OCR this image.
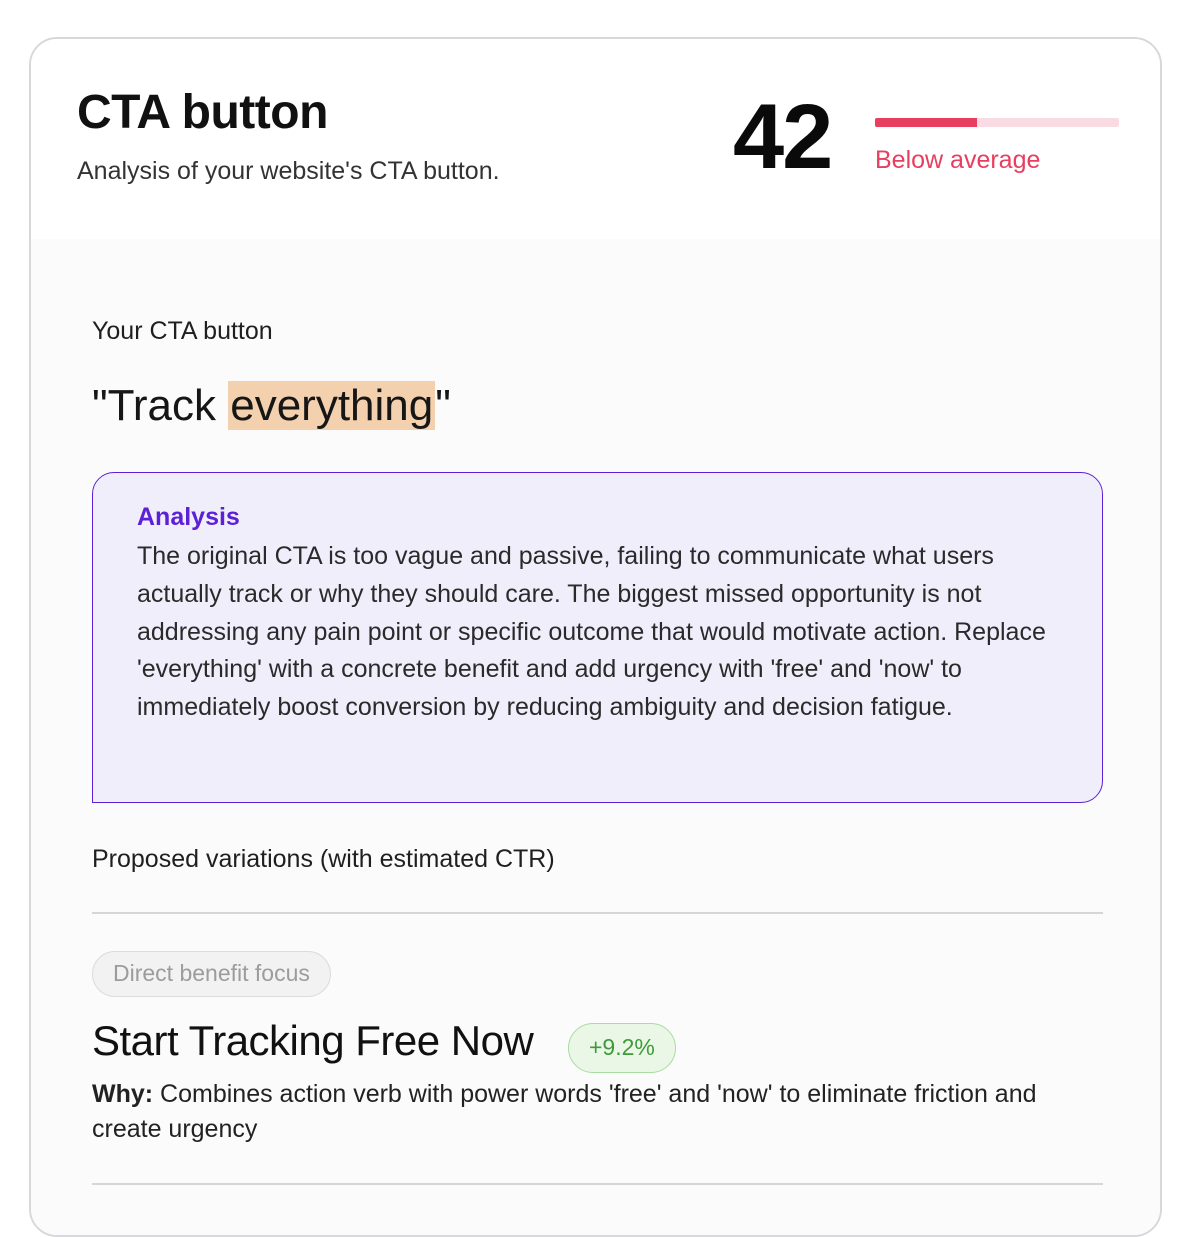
CTA button
Analysis of your website's CTA button.	42 Below average
Your CTA button
"Track everything"
Analysis
The original CTA is too vague and passive, failing to communicate what users actually track or why they should care. The biggest missed opportunity is not addressing any pain point or specific outcome that would motivate action. Replace 'everything' with a concrete benefit and add urgency with 'free' and 'now' to immediately boost conversion by reducing ambiguity and decision fatigue.
Proposed variations (with estimated CTR)
Direct benefit focus
Start Tracking Free Now	+9.2%
Why: Combines action verb with power words 'free' and 'now' to eliminate friction and create urgency
